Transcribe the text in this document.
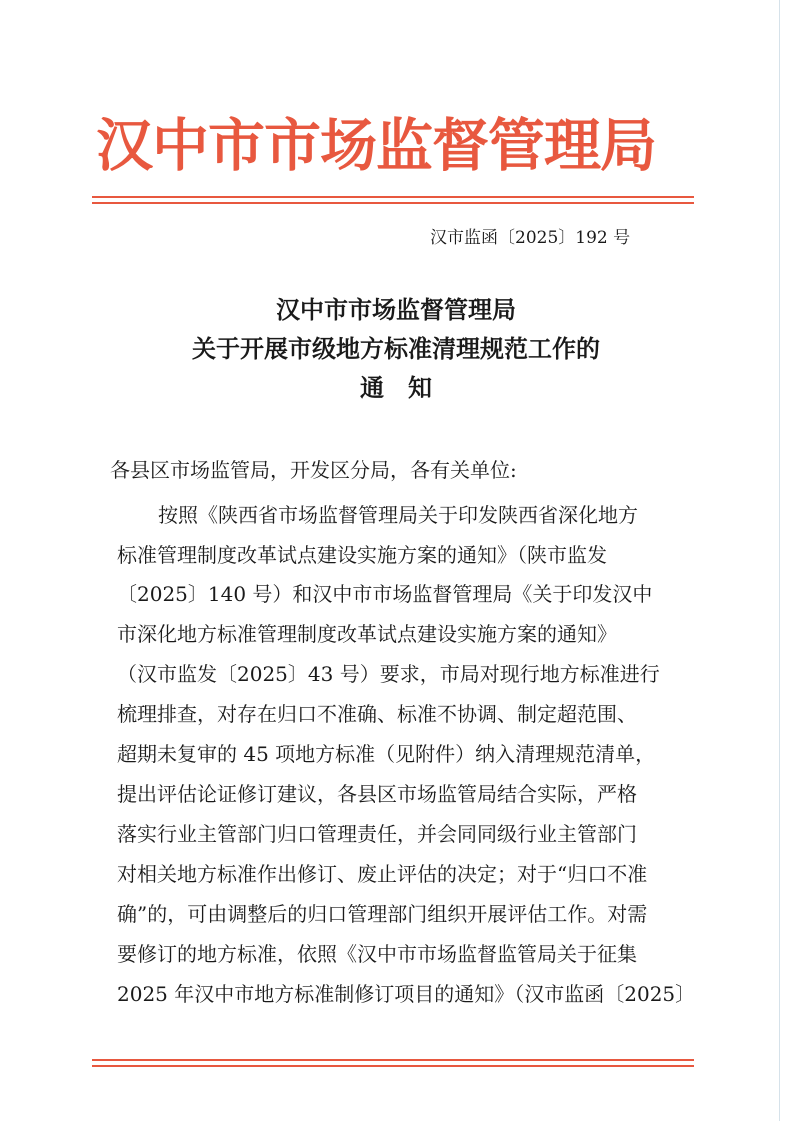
汉中市市场监督管理局
汉市监函〔2025〕192 号
汉中市市场监督管理局
关于开展市级地方标准清理规范工作的
通　知
各县区市场监管局，开发区分局，各有关单位:
按照《陕西省市场监督管理局关于印发陕西省深化地方
标准管理制度改革试点建设实施方案的通知》（陕市监发
〔2025〕140 号）和汉中市市场监督管理局《关于印发汉中
市深化地方标准管理制度改革试点建设实施方案的通知》
（汉市监发〔2025〕43 号）要求，市局对现行地方标准进行
梳理排查，对存在归口不准确、标准不协调、制定超范围、
超期未复审的 45 项地方标准（见附件）纳入清理规范清单，
提出评估论证修订建议，各县区市场监管局结合实际，严格
落实行业主管部门归口管理责任，并会同同级行业主管部门
对相关地方标准作出修订、废止评估的决定；对于“归口不准
确”的，可由调整后的归口管理部门组织开展评估工作。对需
要修订的地方标准，依照《汉中市市场监督监管局关于征集
2025 年汉中市地方标准制修订项目的通知》（汉市监函〔2025〕
